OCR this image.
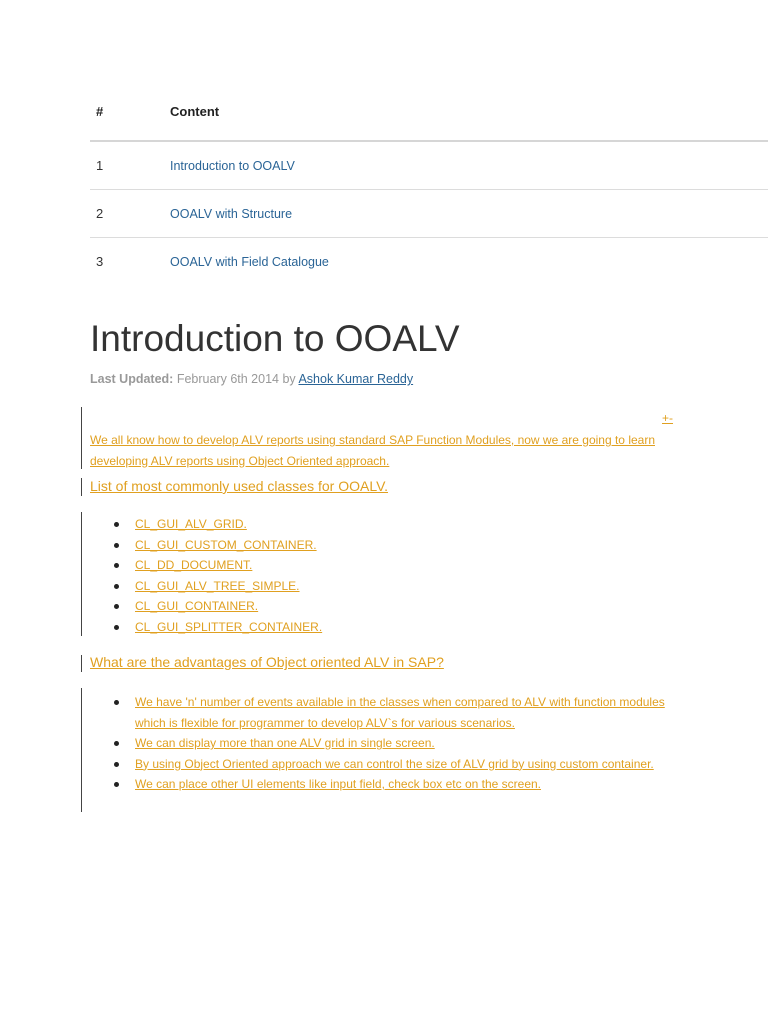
#	Content
1	Introduction to OOALV
2	OOALV with Structure
3	OOALV with Field Catalogue
Introduction to OOALV
Last Updated: February 6th 2014 by Ashok Kumar Reddy
+-

We all know how to develop ALV reports using standard SAP Function Modules, now we are going to learn developing ALV reports using Object Oriented approach.

List of most commonly used classes for OOALV.

CL_GUI_ALV_GRID.
CL_GUI_CUSTOM_CONTAINER.
CL_DD_DOCUMENT.
CL_GUI_ALV_TREE_SIMPLE.
CL_GUI_CONTAINER.
CL_GUI_SPLITTER_CONTAINER.

What are the advantages of Object oriented ALV in SAP?

We have 'n' number of events available in the classes when compared to ALV with function modules which is flexible for programmer to develop ALV`s for various scenarios.
We can display more than one ALV grid in single screen.
By using Object Oriented approach we can control the size of ALV grid by using custom container.
We can place other UI elements like input field, check box etc on the screen.
